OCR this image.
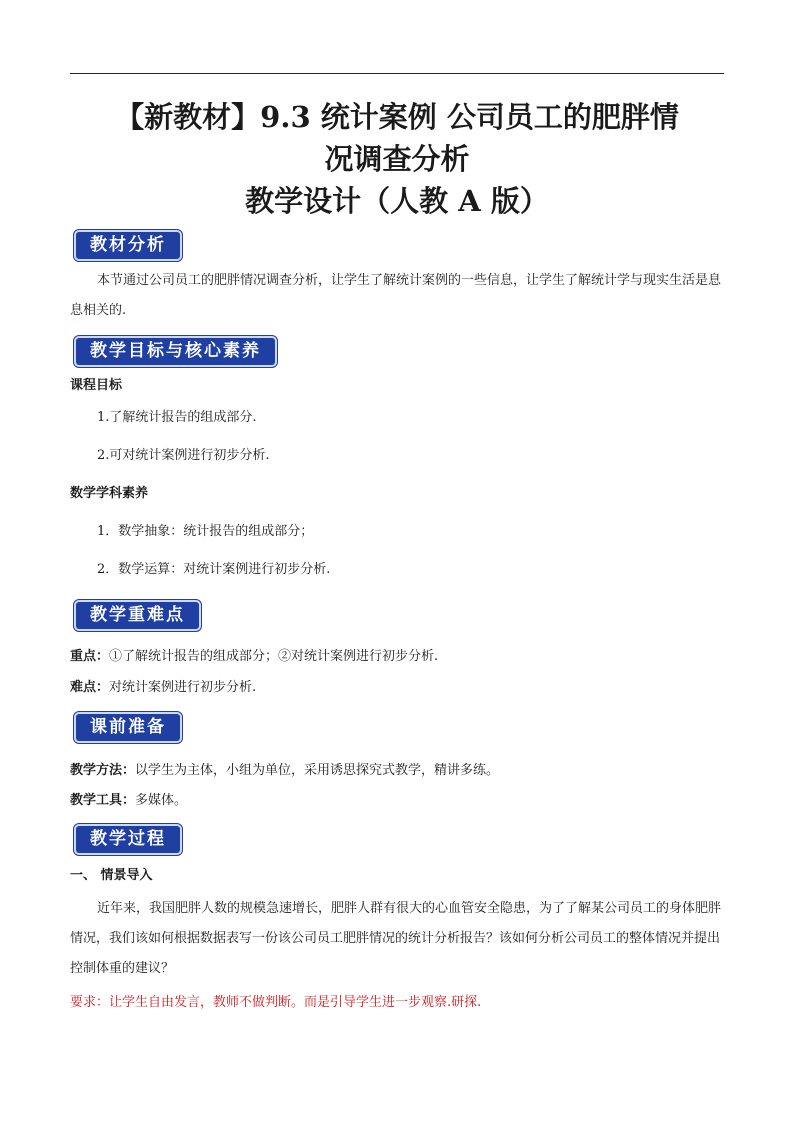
【新教材】9.3 统计案例 公司员工的肥胖情
况调查分析
教学设计（人教 A 版）
教材分析

本节通过公司员工的肥胖情况调查分析，让学生了解统计案例的一些信息，让学生了解统计学与现实生活是息息相关的.

教学目标与核心素养

课程目标

1.了解统计报告的组成部分.

2.可对统计案例进行初步分析.

数学学科素养

1．数学抽象：统计报告的组成部分；

2．数学运算：对统计案例进行初步分析.

教学重难点

重点：①了解统计报告的组成部分；②对统计案例进行初步分析.

难点：对统计案例进行初步分析.

课前准备

教学方法：以学生为主体，小组为单位，采用诱思探究式教学，精讲多练。

教学工具：多媒体。

教学过程

一、 情景导入

近年来，我国肥胖人数的规模急速增长，肥胖人群有很大的心血管安全隐患，为了了解某公司员工的身体肥胖情况，我们该如何根据数据表写一份该公司员工肥胖情况的统计分析报告？该如何分析公司员工的整体情况并提出控制体重的建议？

要求：让学生自由发言，教师不做判断。而是引导学生进一步观察.研探.
